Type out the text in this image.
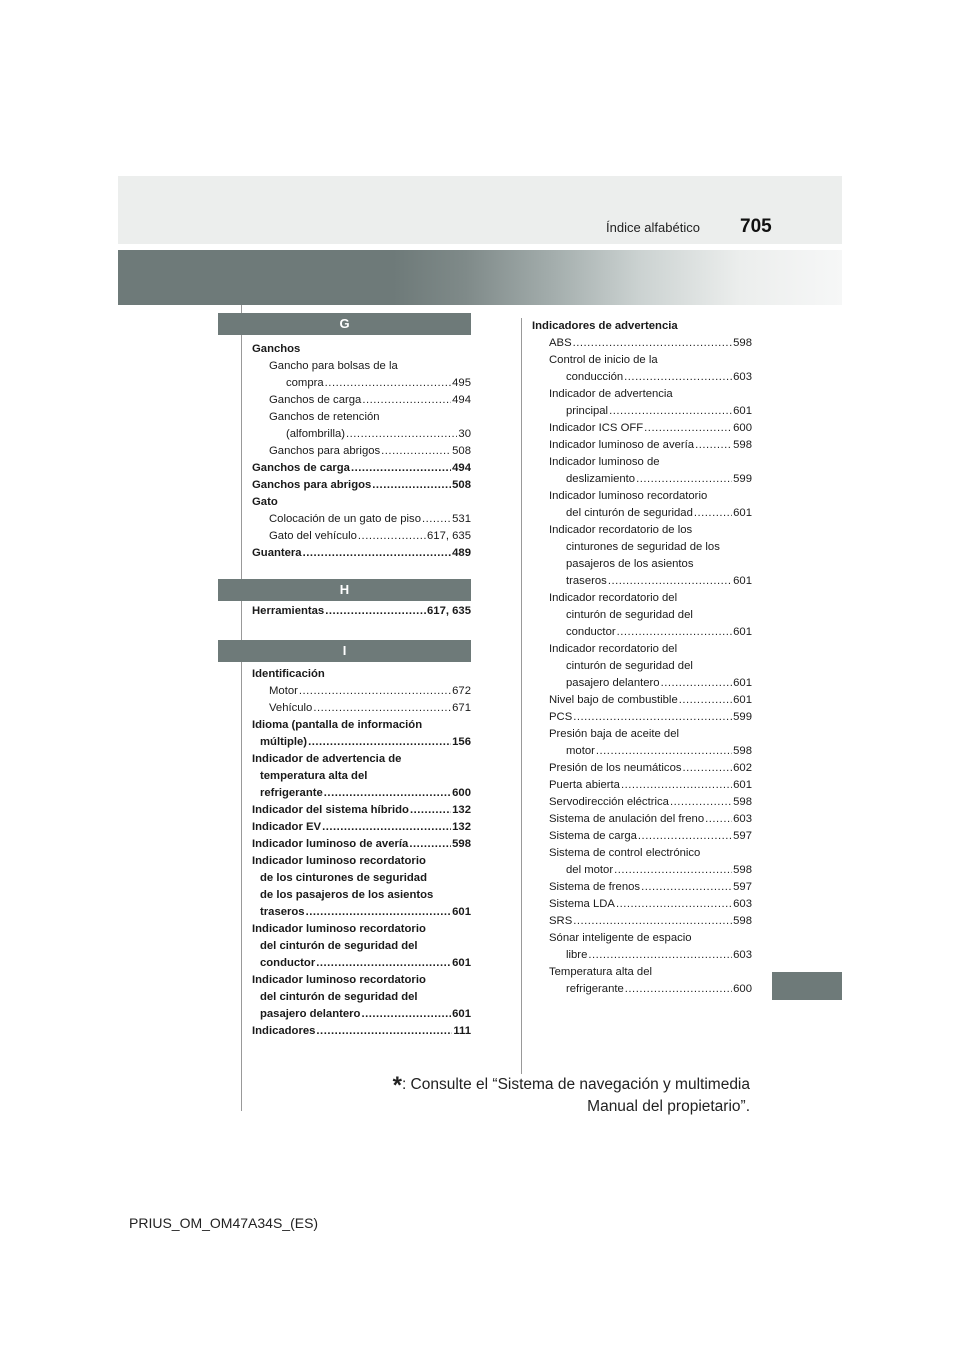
Índice alfabético 705
G
Ganchos
Gancho para bolsas de la
compra .....	495
Ganchos de carga .....	494
Ganchos de retención
(alfombrilla) .....	30
Ganchos para abrigos .....	508
Ganchos de carga .....	494
Ganchos para abrigos .....	508
Gato
Colocación de un gato de piso .....	531
Gato del vehículo .....	617, 635
Guantera .....	489
H
Herramientas .....	617, 635
I
Identificación
Motor .....	672
Vehículo .....	671
Idioma (pantalla de información
múltiple) .....	156
Indicador de advertencia de
temperatura alta del
refrigerante .....	600
Indicador del sistema híbrido .....	132
Indicador EV .....	132
Indicador luminoso de avería .....	598
Indicador luminoso recordatorio
de los cinturones de seguridad
de los pasajeros de los asientos
traseros .....	601
Indicador luminoso recordatorio
del cinturón de seguridad del
conductor .....	601
Indicador luminoso recordatorio
del cinturón de seguridad del
pasajero delantero .....	601
Indicadores .....	111
Indicadores de advertencia
ABS .....	598
Control de inicio de la
conducción .....	603
Indicador de advertencia
principal .....	601
Indicador ICS OFF .....	600
Indicador luminoso de avería .....	598
Indicador luminoso de
deslizamiento .....	599
Indicador luminoso recordatorio
del cinturón de seguridad .....	601
Indicador recordatorio de los
cinturones de seguridad de los
pasajeros de los asientos
traseros .....	601
Indicador recordatorio del
cinturón de seguridad del
conductor .....	601
Indicador recordatorio del
cinturón de seguridad del
pasajero delantero .....	601
Nivel bajo de combustible .....	601
PCS .....	599
Presión baja de aceite del
motor .....	598
Presión de los neumáticos .....	602
Puerta abierta .....	601
Servodirección eléctrica .....	598
Sistema de anulación del freno .....	603
Sistema de carga .....	597
Sistema de control electrónico
del motor .....	598
Sistema de frenos .....	597
Sistema LDA .....	603
SRS .....	598
Sónar inteligente de espacio
libre .....	603
Temperatura alta del
refrigerante .....	600
*: Consulte el “Sistema de navegación y multimedia
Manual del propietario”.
PRIUS_OM_OM47A34S_(ES)
